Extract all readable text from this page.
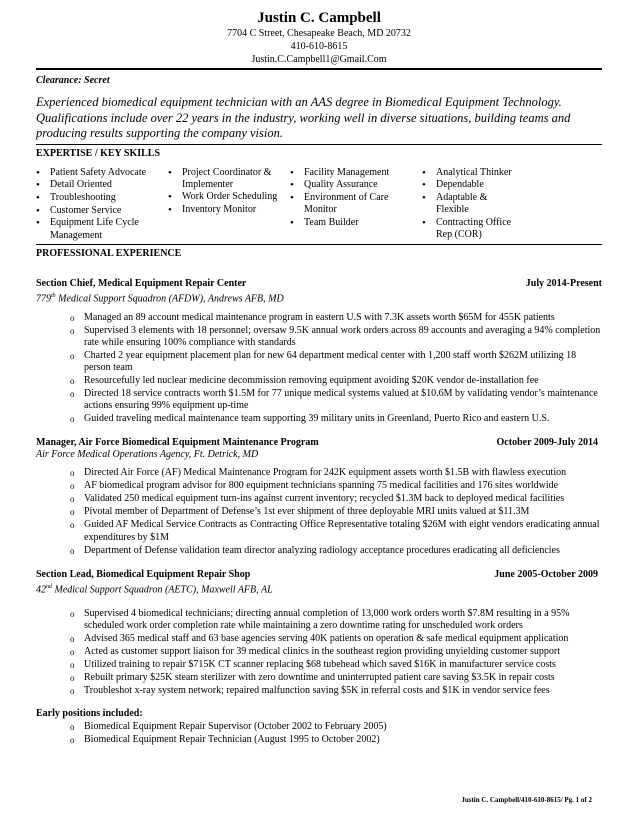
Justin C. Campbell
7704 C Street, Chesapeake Beach, MD 20732
410-610-8615
Justin.C.Campbell1@Gmail.Com
Clearance: Secret
Experienced biomedical equipment technician with an AAS degree in Biomedical Equipment Technology. Qualifications include over 22 years in the industry, working well in diverse situations, building teams and producing results supporting the company vision.
EXPERTISE / KEY SKILLS
• Patient Safety Advocate
• Detail Oriented
• Troubleshooting
• Customer Service
• Equipment Life Cycle Management
• Project Coordinator & Implementer
• Work Order Scheduling
• Inventory Monitor
• Facility Management
• Quality Assurance
• Environment of Care Monitor
• Team Builder
• Analytical Thinker
• Dependable
• Adaptable & Flexible
• Contracting Office Rep (COR)
PROFESSIONAL EXPERIENCE
Section Chief, Medical Equipment Repair Center	July 2014-Present
779th Medical Support Squadron (AFDW), Andrews AFB, MD
o Managed an 89 account medical maintenance program in eastern U.S with 7.3K assets worth $65M for 455K patients
o Supervised 3 elements with 18 personnel; oversaw 9.5K annual work orders across 89 accounts and averaging a 94% completion rate while ensuring 100% compliance with standards
o Charted 2 year equipment placement plan for new 64 department medical center with 1,200 staff worth $262M utilizing 18 person team
o Resourcefully led nuclear medicine decommission removing equipment avoiding $20K vendor de-installation fee
o Directed 18 service contracts worth $1.5M for 77 unique medical systems valued at $10.6M by validating vendor’s maintenance actions ensuring 99% equipment up-time
o Guided traveling medical maintenance team supporting 39 military units in Greenland, Puerto Rico and eastern U.S.
Manager, Air Force Biomedical Equipment Maintenance Program	October 2009-July 2014
Air Force Medical Operations Agency, Ft. Detrick, MD
o Directed Air Force (AF) Medical Maintenance Program for 242K equipment assets worth $1.5B with flawless execution
o AF biomedical program advisor for 800 equipment technicians spanning 75 medical facilities and 176 sites worldwide
o Validated 250 medical equipment turn-ins against current inventory; recycled $1.3M back to deployed medical facilities
o Pivotal member of Department of Defense’s 1st ever shipment of three deployable MRI units valued at $11.3M
o Guided AF Medical Service Contracts as Contracting Office Representative totaling $26M with eight vendors eradicating annual expenditures by $1M
o Department of Defense validation team director analyzing radiology acceptance procedures eradicating all deficiencies
Section Lead, Biomedical Equipment Repair Shop	June 2005-October 2009
42nd Medical Support Squadron (AETC), Maxwell AFB, AL
o Supervised 4 biomedical technicians; directing annual completion of 13,000 work orders worth $7.8M resulting in a 95% scheduled work order completion rate while maintaining a zero downtime rating for unscheduled work orders
o Advised 365 medical staff and 63 base agencies serving 40K patients on operation & safe medical equipment application
o Acted as customer support liaison for 39 medical clinics in the southeast region providing unyielding customer support
o Utilized training to repair $715K CT scanner replacing $68 tubehead which saved $16K in manufacturer service costs
o Rebuilt primary $25K steam sterilizer with zero downtime and uninterrupted patient care saving $3.5K in repair costs
o Troubleshot x-ray system network; repaired malfunction saving $5K in referral costs and $1K in vendor service fees
Early positions included:
o Biomedical Equipment Repair Supervisor (October 2002 to February 2005)
o Biomedical Equipment Repair Technician (August 1995 to October 2002)
Justin C. Campbell/410-610-8615/ Pg. 1 of 2
